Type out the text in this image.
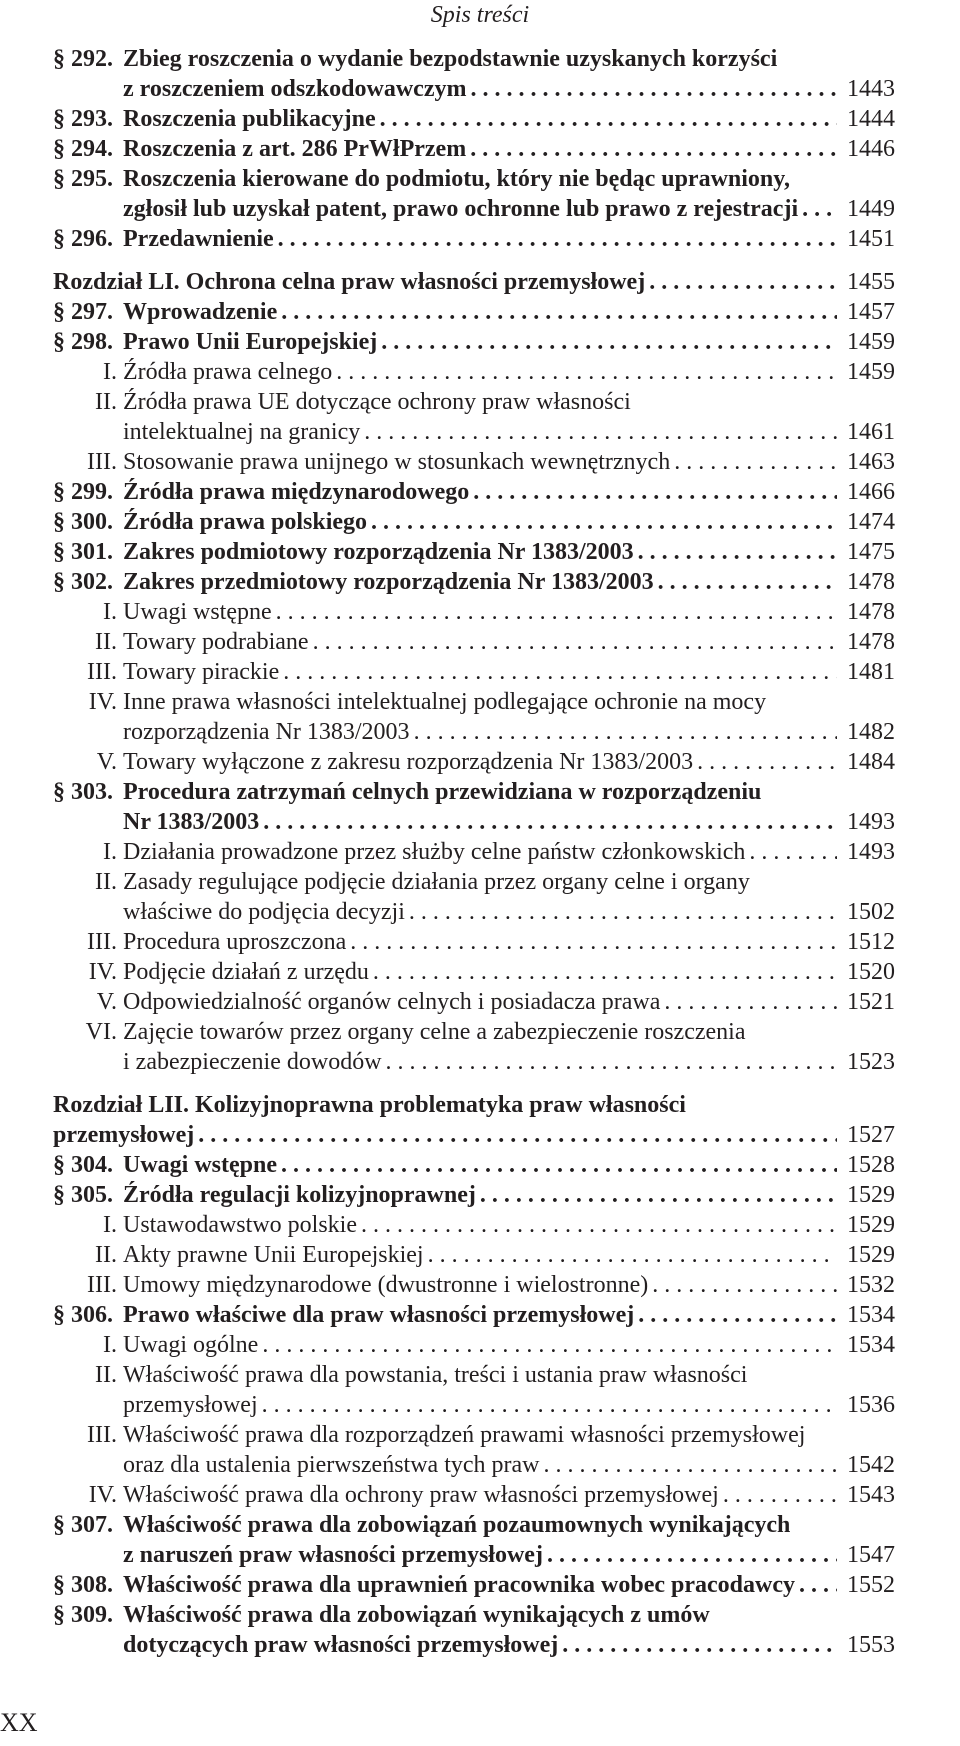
Spis treści
§ 292. Zbieg roszczenia o wydanie bezpodstawnie uzyskanych korzyści
z roszczeniem odszkodowawczym . . .	1443
§ 293. Roszczenia publikacyjne . . .	1444
§ 294. Roszczenia z art. 286 PrWłPrzem . . .	1446
§ 295. Roszczenia kierowane do podmiotu, który nie będąc uprawniony,
zgłosił lub uzyskał patent, prawo ochronne lub prawo z rejestracji . . . 1449
§ 296. Przedawnienie . . .	1451
Rozdział LI. Ochrona celna praw własności przemysłowej . . .	1455
§ 297. Wprowadzenie . . .	1457
§ 298. Prawo Unii Europejskiej . . .	1459
I. Źródła prawa celnego . . .	1459
II. Źródła prawa UE dotyczące ochrony praw własności
intelektualnej na granicy . . .	1461
III. Stosowanie prawa unijnego w stosunkach wewnętrznych . . .	1463
§ 299. Źródła prawa międzynarodowego . . .	1466
§ 300. Źródła prawa polskiego . . .	1474
§ 301. Zakres podmiotowy rozporządzenia Nr 1383/2003 . . .	1475
§ 302. Zakres przedmiotowy rozporządzenia Nr 1383/2003 . . .	1478
I. Uwagi wstępne . . .	1478
II. Towary podrabiane . . .	1478
III. Towary pirackie . . .	1481
IV. Inne prawa własności intelektualnej podlegające ochronie na mocy
rozporządzenia Nr 1383/2003 . . .	1482
V. Towary wyłączone z zakresu rozporządzenia Nr 1383/2003 . . .	1484
§ 303. Procedura zatrzymań celnych przewidziana w rozporządzeniu
Nr 1383/2003 . . .	1493
I. Działania prowadzone przez służby celne państw członkowskich . . .	1493
II. Zasady regulujące podjęcie działania przez organy celne i organy
właściwe do podjęcia decyzji . . .	1502
III. Procedura uproszczona . . .	1512
IV. Podjęcie działań z urzędu . . .	1520
V. Odpowiedzialność organów celnych i posiadacza prawa . . .	1521
VI. Zajęcie towarów przez organy celne a zabezpieczenie roszczenia
i zabezpieczenie dowodów . . .	1523
Rozdział LII. Kolizyjnoprawna problematyka praw własności
przemysłowej . . .	1527
§ 304. Uwagi wstępne . . .	1528
§ 305. Źródła regulacji kolizyjnoprawnej . . .	1529
I. Ustawodawstwo polskie . . .	1529
II. Akty prawne Unii Europejskiej . . .	1529
III. Umowy międzynarodowe (dwustronne i wielostronne) . . .	1532
§ 306. Prawo właściwe dla praw własności przemysłowej . . .	1534
I. Uwagi ogólne . . .	1534
II. Właściwość prawa dla powstania, treści i ustania praw własności
przemysłowej . . .	1536
III. Właściwość prawa dla rozporządzeń prawami własności przemysłowej
oraz dla ustalenia pierwszeństwa tych praw . . .	1542
IV. Właściwość prawa dla ochrony praw własności przemysłowej . . .	1543
§ 307. Właściwość prawa dla zobowiązań pozaumownych wynikających
z naruszeń praw własności przemysłowej . . .	1547
§ 308. Właściwość prawa dla uprawnień pracownika wobec pracodawcy . . . 1552
§ 309. Właściwość prawa dla zobowiązań wynikających z umów
dotyczących praw własności przemysłowej . . .	1553
XX
